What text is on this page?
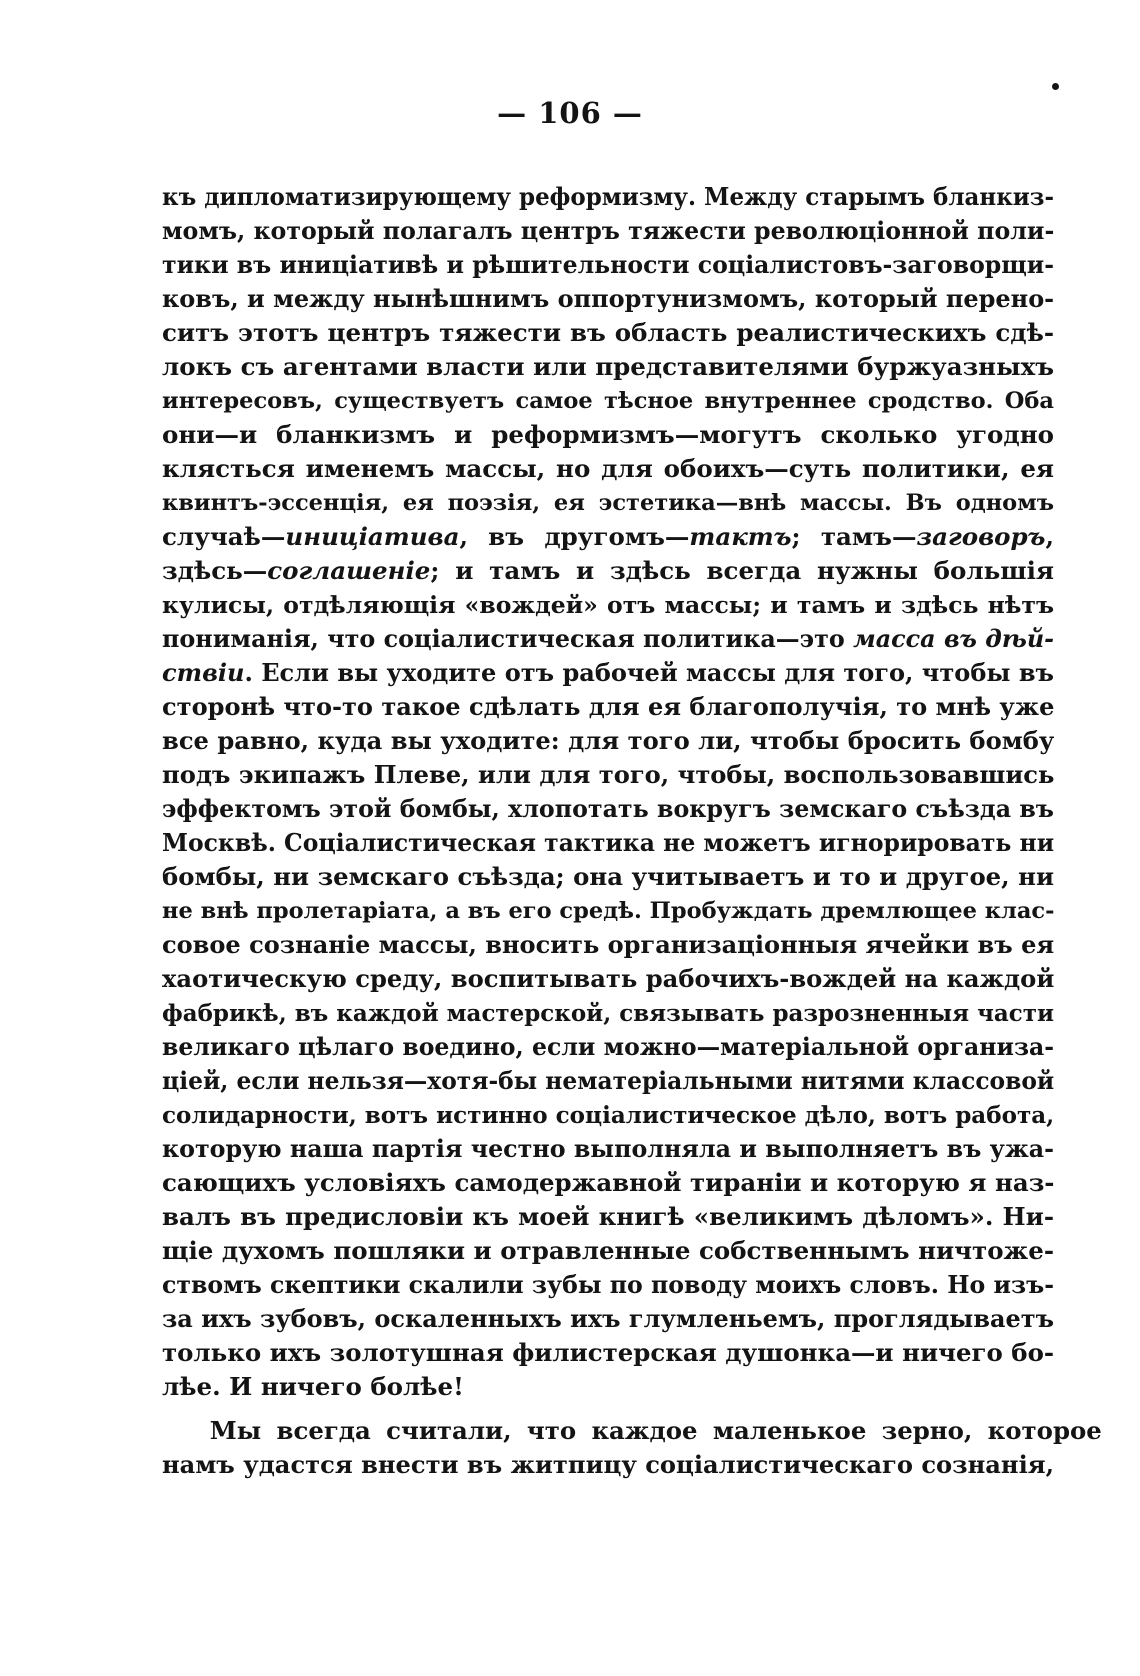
— 106 —
къ дипломатизирующему реформизму. Между старымъ бланкиз-
момъ, который полагалъ центръ тяжести революціонной поли-
тики въ иниціативѣ и рѣшительности соціалистовъ-заговорщи-
ковъ, и между нынѣшнимъ оппортунизмомъ, который перено-
ситъ этотъ центръ тяжести въ область реалистическихъ сдѣ-
локъ съ агентами власти или представителями буржуазныхъ
интересовъ, существуетъ самое тѣсное внутреннее сродство. Оба
они—и бланкизмъ и реформизмъ—могутъ сколько угодно
клясться именемъ массы, но для обоихъ—суть политики, ея
квинтъ-эссенція, ея поэзія, ея эстетика—внѣ массы. Въ одномъ
случаѣ—иниціатива, въ другомъ—тактъ; тамъ—заговоръ,
здѣсь—соглашеніе; и тамъ и здѣсь всегда нужны большія
кулисы, отдѣляющія «вождей» отъ массы; и тамъ и здѣсь нѣтъ
пониманія, что соціалистическая политика—это масса въ дѣй-
ствіи. Если вы уходите отъ рабочей массы для того, чтобы въ
сторонѣ что-то такое сдѣлать для ея благополучія, то мнѣ уже
все равно, куда вы уходите: для того ли, чтобы бросить бомбу
подъ экипажъ Плеве, или для того, чтобы, воспользовавшись
эффектомъ этой бомбы, хлопотать вокругъ земскаго съѣзда въ
Москвѣ. Соціалистическая тактика не можетъ игнорировать ни
бомбы, ни земскаго съѣзда; она учитываетъ и то и другое, ни
не внѣ пролетаріата, а въ его средѣ. Пробуждать дремлющее клас-
совое сознаніе массы, вносить организаціонныя ячейки въ ея
хаотическую среду, воспитывать рабочихъ-вождей на каждой
фабрикѣ, въ каждой мастерской, связывать разрозненныя части
великаго цѣлаго воедино, если можно—матеріальной организа-
ціей, если нельзя—хотя-бы нематеріальными нитями классовой
солидарности, вотъ истинно соціалистическое дѣло, вотъ работа,
которую наша партія честно выполняла и выполняетъ въ ужа-
сающихъ условіяхъ самодержавной тираніи и которую я наз-
валъ въ предисловіи къ моей книгѣ «великимъ дѣломъ». Ни-
щіе духомъ пошляки и отравленные собственнымъ ничтоже-
ствомъ скептики скалили зубы по поводу моихъ словъ. Но изъ-
за ихъ зубовъ, оскаленныхъ ихъ глумленьемъ, проглядываетъ
только ихъ золотушная филистерская душонка—и ничего бо-
лѣе. И ничего болѣе!
Мы всегда считали, что каждое маленькое зерно, которое
намъ удастся внести въ житпицу соціалистическаго сознанія,
